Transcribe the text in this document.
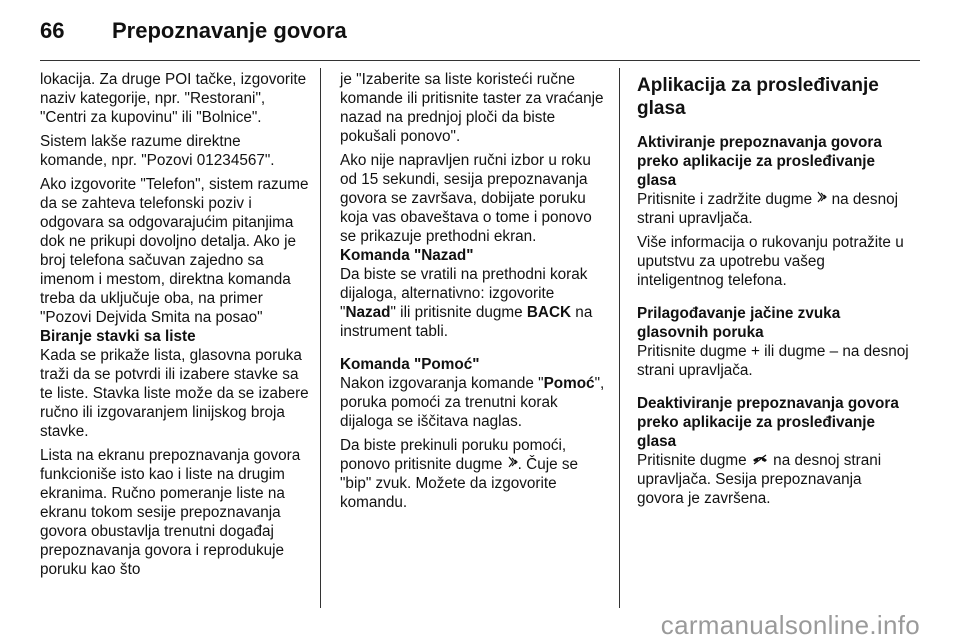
66 Prepoznavanje govora

lokacija. Za druge POI tačke, izgovorite naziv kategorije, npr. "Restorani", "Centri za kupovinu" ili "Bolnice".

Sistem lakše razume direktne komande, npr. "Pozovi 01234567".

Ako izgovorite "Telefon", sistem razume da se zahteva telefonski poziv i odgovara sa odgovarajućim pitanjima dok ne prikupi dovoljno detalja. Ako je broj telefona sačuvan zajedno sa imenom i mestom, direktna komanda treba da uključuje oba, na primer "Pozovi Dejvida Smita na posao"

Biranje stavki sa liste

Kada se prikaže lista, glasovna poruka traži da se potvrdi ili izabere stavke sa te liste. Stavka liste može da se izabere ručno ili izgovaranjem linijskog broja stavke.

Lista na ekranu prepoznavanja govora funkcioniše isto kao i liste na drugim ekranima. Ručno pomeranje liste na ekranu tokom sesije prepoznavanja govora obustavlja trenutni događaj prepoznavanja govora i reprodukuje poruku kao što

je "Izaberite sa liste koristeći ručne komande ili pritisnite taster za vraćanje nazad na prednjoj ploči da biste pokušali ponovo".

Ako nije napravljen ručni izbor u roku od 15 sekundi, sesija prepoznavanja govora se završava, dobijate poruku koja vas obaveštava o tome i ponovo se prikazuje prethodni ekran.

Komanda "Nazad"

Da biste se vratili na prethodni korak dijaloga, alternativno: izgovorite "Nazad" ili pritisnite dugme BACK na instrument tabli.

Komanda "Pomoć"

Nakon izgovaranja komande "Pomoć", poruka pomoći za trenutni korak dijaloga se iščitava naglas.

Da biste prekinuli poruku pomoći, ponovo pritisnite dugme . Čuje se "bip" zvuk. Možete da izgovorite komandu.

Aplikacija za prosleđivanje glasa
Aktiviranje prepoznavanja govora preko aplikacije za prosleđivanje glasa

Pritisnite i zadržite dugme  na desnoj strani upravljača.

Više informacija o rukovanju potražite u uputstvu za upotrebu vašeg inteligentnog telefona.

Prilagođavanje jačine zvuka glasovnih poruka

Pritisnite dugme + ili dugme – na desnoj strani upravljača.

Deaktiviranje prepoznavanja govora preko aplikacije za prosleđivanje glasa

Pritisnite dugme  na desnoj strani upravljača. Sesija prepoznavanja govora je završena.

carmanualsonline.info
